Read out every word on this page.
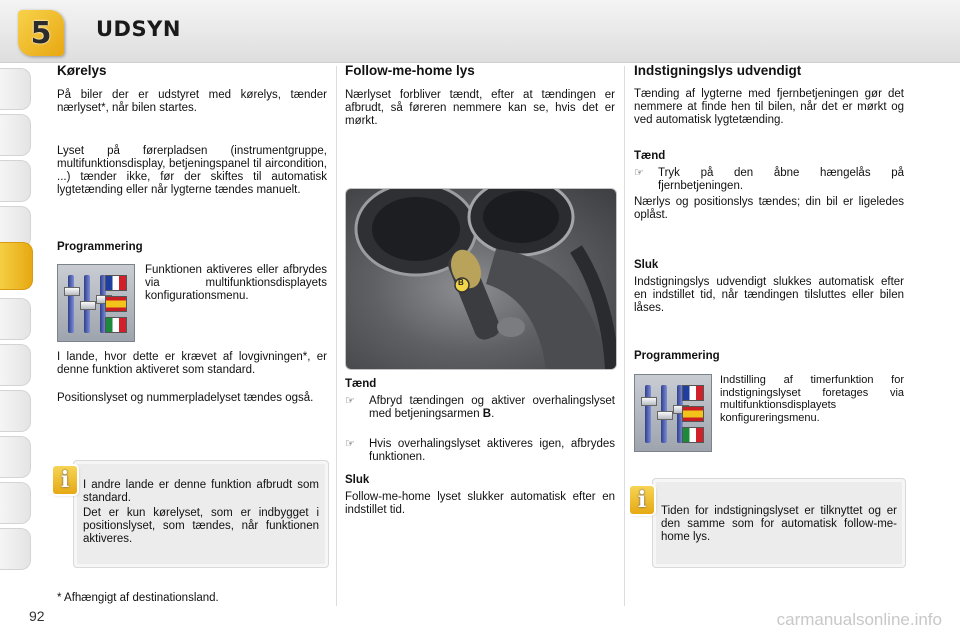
5 UDSYN
Kørelys

På biler der er udstyret med kørelys, tænder nærlyset*, når bilen startes.

Lyset på førerpladsen (instrumentgruppe, multifunktionsdisplay, betjeningspanel til aircondition, ...) tænder ikke, før der skiftes til automatisk lygtetænding eller når lygterne tændes manuelt.

Programmering

Funktionen aktiveres eller afbrydes via multifunktionsdisplayets konfigurationsmenu.

I lande, hvor dette er krævet af lovgivningen*, er denne funktion aktiveret som standard.

Positionslyset og nummerpladelyset tændes også.

I andre lande er denne funktion afbrudt som standard.

Det er kun kørelyset, som er indbygget i positionslyset, som tændes, når funktionen aktiveres.

i
* Afhængigt af destinationsland.
Follow-me-home lys

Nærlyset forbliver tændt, efter at tændingen er afbrudt, så føreren nemmere kan se, hvis det er mørkt.

B
Tænd
☞ Afbryd tændingen og aktiver overhalingslyset med betjeningsarmen B.
☞ Hvis overhalingslyset aktiveres igen, afbrydes funktionen.
Sluk

Follow-me-home lyset slukker automatisk efter en indstillet tid.

Indstigningslys udvendigt

Tænding af lygterne med fjernbetjeningen gør det nemmere at finde hen til bilen, når det er mørkt og ved automatisk lygtetænding.

Tænd
☞ Tryk på den åbne hængelås på fjernbetjeningen.

Nærlys og positionslys tændes; din bil er ligeledes oplåst.

Sluk

Indstigningslys udvendigt slukkes automatisk efter en indstillet tid, når tændingen tilsluttes eller bilen låses.

Programmering

Indstilling af timerfunktion for indstigningslyset foretages via multifunktionsdisplayets konfigureringsmenu.

Tiden for indstigningslyset er tilknyttet og er den samme som for automatisk follow-me-home lys.

i
92	carmanualsonline.info
